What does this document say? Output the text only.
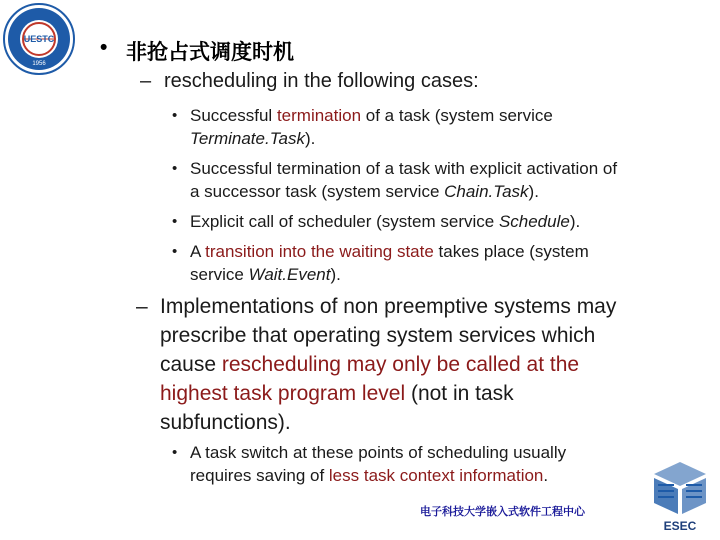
UESTC
1956
• 非抢占式调度时机
– rescheduling in the following cases:
• Successful termination of a task (system service
Terminate.Task).
• Successful termination of a task with explicit activation of
a successor task (system service Chain.Task).
• Explicit call of scheduler (system service Schedule).
• A transition into the waiting state takes place (system
service Wait.Event).
– Implementations of non preemptive systems may
prescribe that operating system services which
cause rescheduling may only be called at the
highest task program level (not in task
subfunctions).
• A task switch at these points of scheduling usually
requires saving of less task context information.
电子科技大学嵌入式软件工程中心
ESEC
